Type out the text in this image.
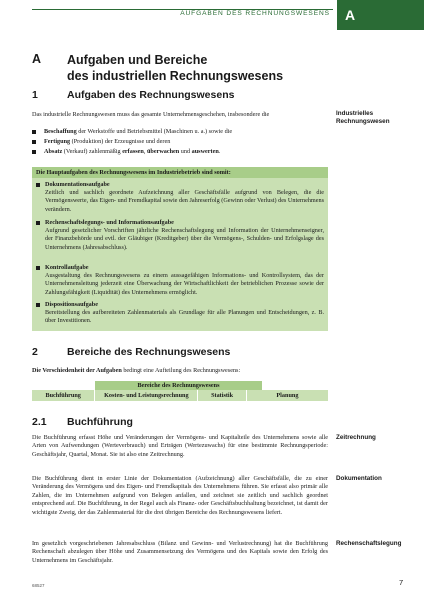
AUFGABEN DES RECHNUNGSWESENS A
A Aufgaben und Bereiche
des industriellen Rechnungswesens
1	Aufgaben des Rechnungswesens
Das industrielle Rechnungswesen muss das gesamte Unternehmensgeschehen, insbesondere die	Industrielles
Rechnungswesen
Beschaffung der Werkstoffe und Betriebsmittel (Maschinen u. a.) sowie die
Fertigung (Produktion) der Erzeugnisse und deren
Absatz (Verkauf) zahlenmäßig erfassen, überwachen und auswerten.
Die Hauptaufgaben des Rechnungswesens im Industriebetrieb sind somit:
Dokumentationsaufgabe
Zeitlich und sachlich geordnete Aufzeichnung aller Geschäftsfälle aufgrund von Belegen, die die Vermögenswerte, das Eigen- und Fremdkapital sowie den Jahreserfolg (Gewinn oder Verlust) des Unternehmens verändern.
Rechenschaftslegungs- und Informationsaufgabe
Aufgrund gesetzlicher Vorschriften jährliche Rechenschaftslegung und Information der Unternehmenseigner, der Finanzbehörde und evtl. der Gläubiger (Kreditgeber) über die Vermögens-, Schulden- und Erfolgslage des Unternehmens (Jahresabschluss).
Kontrollaufgabe
Ausgestaltung des Rechnungswesens zu einem aussagefähigen Informations- und Kontrollsystem, das der Unternehmensleitung jederzeit eine Überwachung der Wirtschaftlichkeit der betrieblichen Prozesse sowie der Zahlungsfähigkeit (Liquidität) des Unternehmens ermöglicht.
Dispositionsaufgabe
Bereitstellung des aufbereiteten Zahlenmaterials als Grundlage für alle Planungen und Entscheidungen, z. B. über Investitionen.
2	Bereiche des Rechnungswesens
Die Verschiedenheit der Aufgaben bedingt eine Aufteilung des Rechnungswesens:
Bereiche des Rechnungswesens
Buchführung	Kosten- und Leistungsrechnung	Statistik	Planung
2.1 Buchführung
Die Buchführung erfasst Höhe und Veränderungen der Vermögens- und Kapitalteile des Unternehmens sowie alle Arten von Aufwendungen (Werteverbrauch) und Erträgen (Wertezuwachs) für eine bestimmte Rechnungsperiode: Geschäftsjahr, Quartal, Monat. Sie ist also eine Zeitrechnung.
Zeitrechnung
Die Buchführung dient in erster Linie der Dokumentation (Aufzeichnung) aller Geschäftsfälle, die zu einer Veränderung des Vermögens und des Eigen- und Fremdkapitals des Unternehmens führen. Sie erfasst also primär alle Zahlen, die im Unternehmen aufgrund von Belegen anfallen, und zeichnet sie zeitlich und sachlich geordnet entsprechend auf. Die Buchführung, in der Regel auch als Finanz- oder Geschäftsbuchhaltung bezeichnet, ist damit der wichtigste Zweig, der das Zahlenmaterial für die drei übrigen Bereiche des Rechnungswesens liefert.
Dokumentation
Im gesetzlich vorgeschriebenen Jahresabschluss (Bilanz und Gewinn- und Verlustrechnung) hat die Buchführung Rechenschaft abzulegen über Höhe und Zusammensetzung des Vermögens und des Kapitals sowie den Erfolg des Unternehmens im Geschäftsjahr.
Rechenschaftslegung
68527	7
